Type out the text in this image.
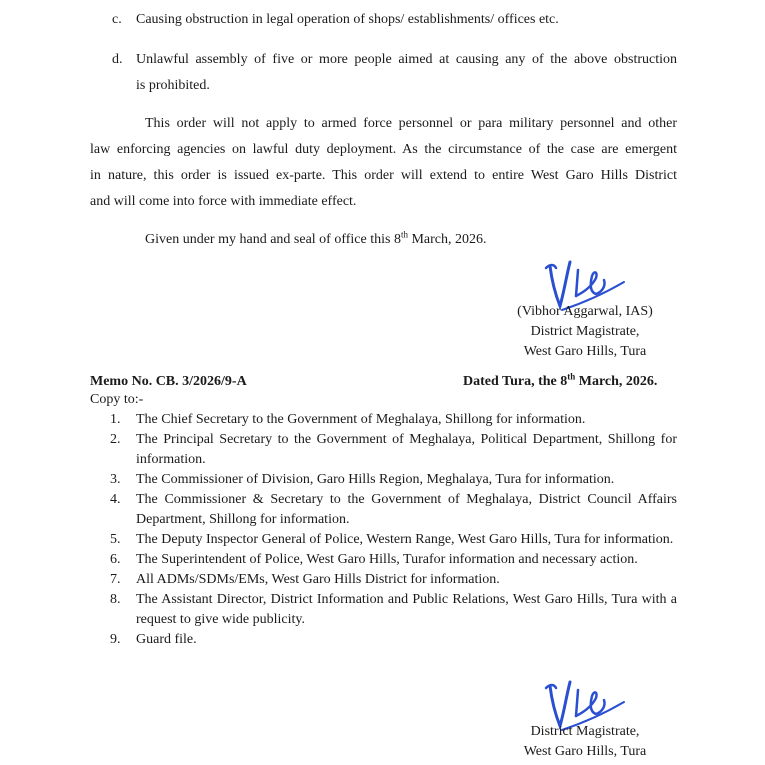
c. Causing obstruction in legal operation of shops/ establishments/ offices etc.
d. Unlawful assembly of five or more people aimed at causing any of the above obstruction
is prohibited.
This order will not apply to armed force personnel or para military personnel and other
law enforcing agencies on lawful duty deployment. As the circumstance of the case are emergent
in nature, this order is issued ex-parte. This order will extend to entire West Garo Hills District
and will come into force with immediate effect.
Given under my hand and seal of office this 8th March, 2026.
(Vibhor Aggarwal, IAS)
District Magistrate,
West Garo Hills, Tura
Memo No. CB. 3/2026/9-A	Dated Tura, the 8th March, 2026.
Copy to:-
1. The Chief Secretary to the Government of Meghalaya, Shillong for information.
2. The Principal Secretary to the Government of Meghalaya, Political Department, Shillong for information.
3. The Commissioner of Division, Garo Hills Region, Meghalaya, Tura for information.
4. The Commissioner & Secretary to the Government of Meghalaya, District Council Affairs Department, Shillong for information.
5. The Deputy Inspector General of Police, Western Range, West Garo Hills, Tura for information.
6. The Superintendent of Police, West Garo Hills, Turafor information and necessary action.
7. All ADMs/SDMs/EMs, West Garo Hills District for information.
8. The Assistant Director, District Information and Public Relations, West Garo Hills, Tura with a request to give wide publicity.
9. Guard file.
District Magistrate,
West Garo Hills, Tura
